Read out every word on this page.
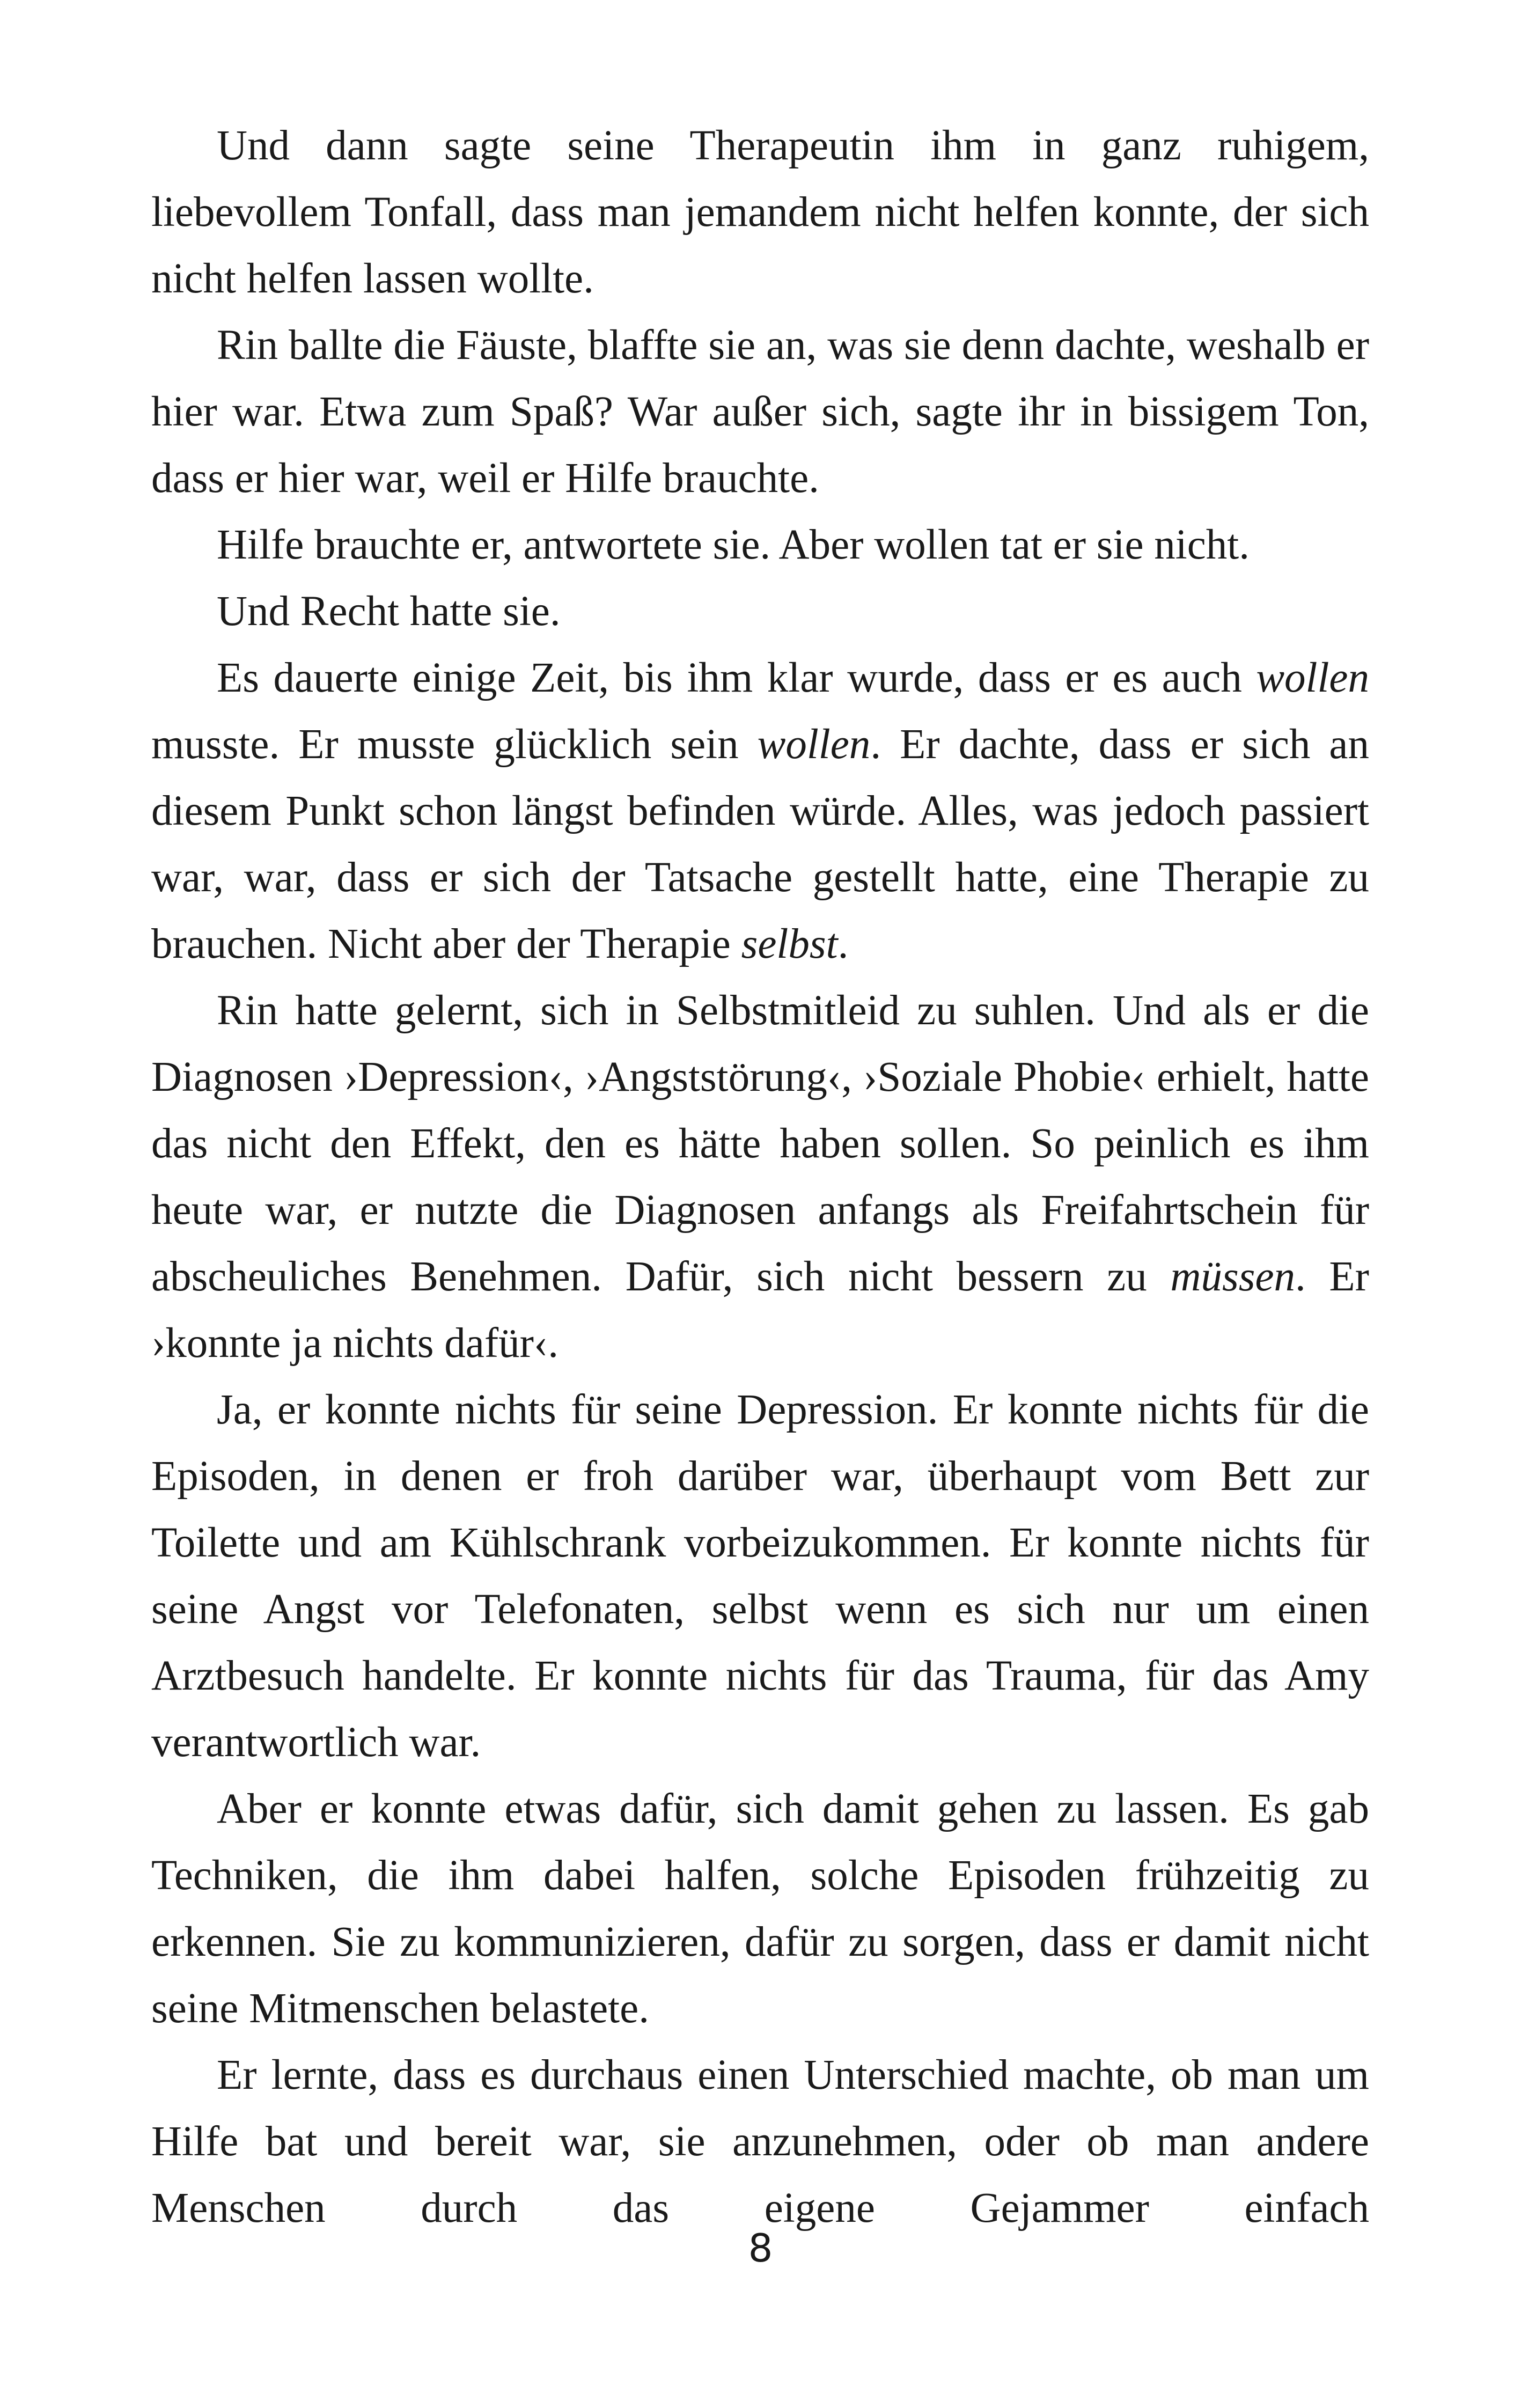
Und dann sagte seine Therapeutin ihm in ganz ruhigem, liebevollem Tonfall, dass man jemandem nicht helfen konnte, der sich nicht helfen lassen wollte.

Rin ballte die Fäuste, blaffte sie an, was sie denn dachte, weshalb er hier war. Etwa zum Spaß? War außer sich, sagte ihr in bissigem Ton, dass er hier war, weil er Hilfe brauchte.

Hilfe brauchte er, antwortete sie. Aber wollen tat er sie nicht.

Und Recht hatte sie.

Es dauerte einige Zeit, bis ihm klar wurde, dass er es auch wollen musste. Er musste glücklich sein wollen. Er dachte, dass er sich an diesem Punkt schon längst befinden würde. Alles, was jedoch passiert war, war, dass er sich der Tatsache gestellt hatte, eine Therapie zu brauchen. Nicht aber der Therapie selbst.

Rin hatte gelernt, sich in Selbstmitleid zu suhlen. Und als er die Diagnosen ›Depression‹, ›Angststörung‹, ›Soziale Phobie‹ erhielt, hatte das nicht den Effekt, den es hätte haben sollen. So peinlich es ihm heute war, er nutzte die Diagnosen anfangs als Freifahrtschein für abscheuliches Benehmen. Dafür, sich nicht bessern zu müssen. Er ›konnte ja nichts dafür‹.

Ja, er konnte nichts für seine Depression. Er konnte nichts für die Episoden, in denen er froh darüber war, überhaupt vom Bett zur Toilette und am Kühlschrank vorbeizukommen. Er konnte nichts für seine Angst vor Telefonaten, selbst wenn es sich nur um einen Arztbesuch handelte. Er konnte nichts für das Trauma, für das Amy verantwortlich war.

Aber er konnte etwas dafür, sich damit gehen zu lassen. Es gab Techniken, die ihm dabei halfen, solche Episoden frühzeitig zu erkennen. Sie zu kommunizieren, dafür zu sorgen, dass er damit nicht seine Mitmenschen belastete.

Er lernte, dass es durchaus einen Unterschied machte, ob man um Hilfe bat und bereit war, sie anzunehmen, oder ob man andere Menschen durch das eigene Gejammer einfach

8
